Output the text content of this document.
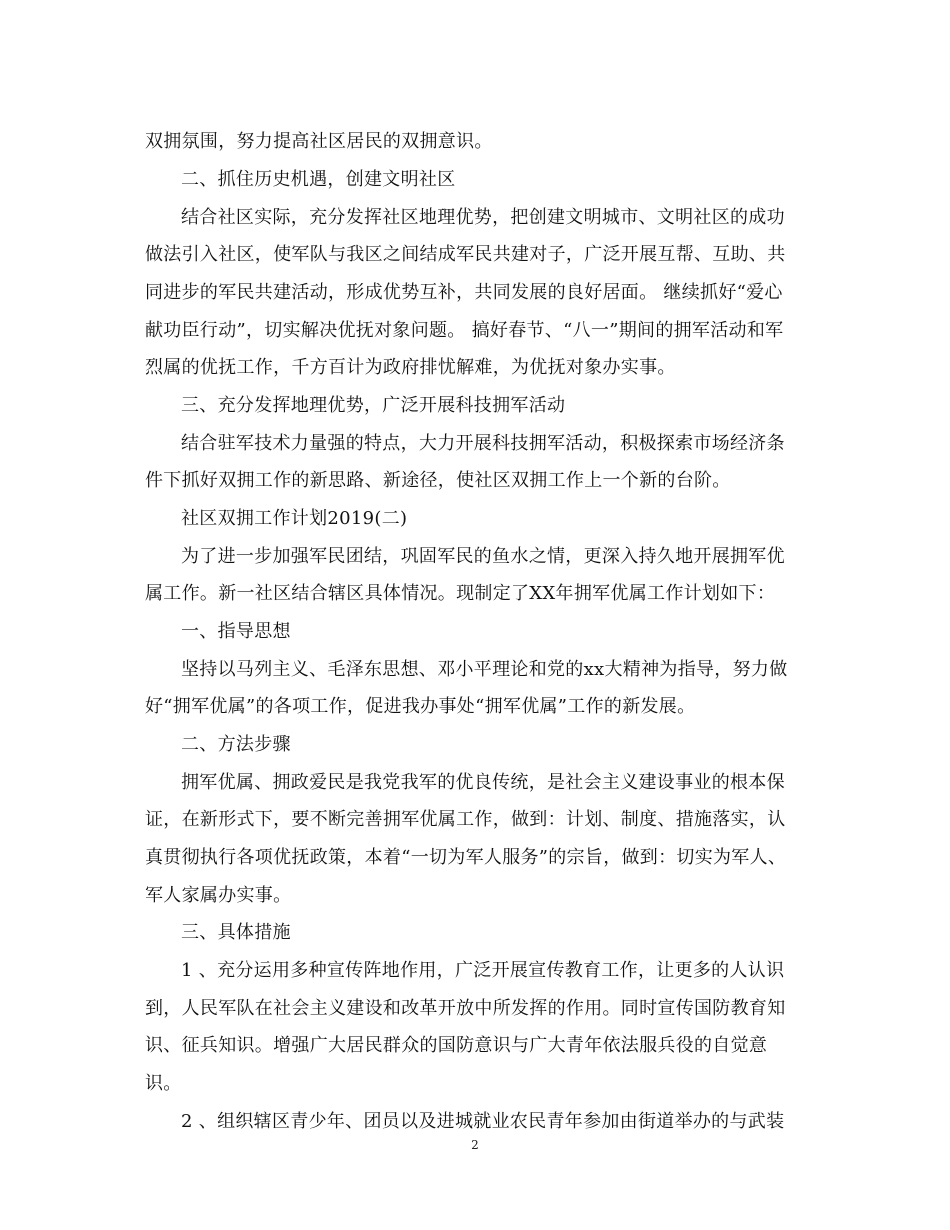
双拥氛围，努力提高社区居民的双拥意识。
二、抓住历史机遇，创建文明社区
结合社区实际，充分发挥社区地理优势，把创建文明城市、文明社区的成功
做法引入社区，使军队与我区之间结成军民共建对子，广泛开展互帮、互助、共
同进步的军民共建活动，形成优势互补，共同发展的良好居面。 继续抓好“爱心
献功臣行动”，切实解决优抚对象问题。 搞好春节、“八一”期间的拥军活动和军
烈属的优抚工作，千方百计为政府排忧解难，为优抚对象办实事。
三、充分发挥地理优势，广泛开展科技拥军活动
结合驻军技术力量强的特点，大力开展科技拥军活动，积极探索市场经济条
件下抓好双拥工作的新思路、新途径，使社区双拥工作上一个新的台阶。
社区双拥工作计划2019(二)
为了进一步加强军民团结，巩固军民的鱼水之情，更深入持久地开展拥军优
属工作。新一社区结合辖区具体情况。现制定了XX年拥军优属工作计划如下：
一、指导思想
坚持以马列主义、毛泽东思想、邓小平理论和党的xx大精神为指导，努力做
好“拥军优属”的各项工作，促进我办事处“拥军优属”工作的新发展。
二、方法步骤
拥军优属、拥政爱民是我党我军的优良传统，是社会主义建设事业的根本保
证，在新形式下，要不断完善拥军优属工作，做到：计划、制度、措施落实，认
真贯彻执行各项优抚政策，本着“一切为军人服务”的宗旨，做到：切实为军人、
军人家属办实事。
三、具体措施
1 、充分运用多种宣传阵地作用，广泛开展宣传教育工作，让更多的人认识
到，人民军队在社会主义建设和改革开放中所发挥的作用。同时宣传国防教育知
识、征兵知识。增强广大居民群众的国防意识与广大青年依法服兵役的自觉意
识。
2 、组织辖区青少年、团员以及进城就业农民青年参加由街道举办的与武装
2
